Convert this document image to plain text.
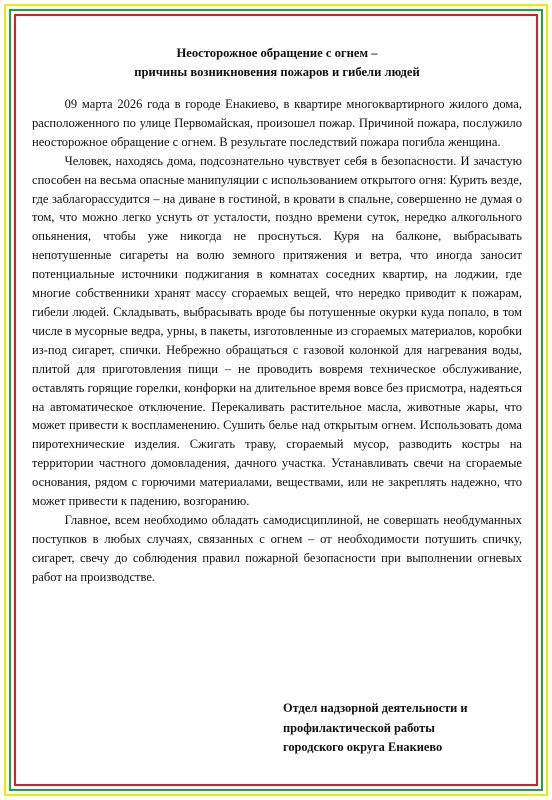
Неосторожное обращение с огнем –
причины возникновения пожаров и гибели людей

09 марта 2026 года в городе Енакиево, в квартире многоквартирного жилого дома, расположенного по улице Первомайская, произошел пожар. Причиной пожара, послужило неосторожное обращение с огнем. В результате последствий пожара погибла женщина.

Человек, находясь дома, подсознательно чувствует себя в безопасности. И зачастую способен на весьма опасные манипуляции с использованием открытого огня: Курить везде, где заблагорассудится – на диване в гостиной, в кровати в спальне, совершенно не думая о том, что можно легко уснуть от усталости, поздно времени суток, нередко алкогольного опьянения, чтобы уже никогда не проснуться. Куря на балконе, выбрасывать непотушенные сигареты на волю земного притяжения и ветра, что иногда заносит потенциальные источники поджигания в комнатах соседних квартир, на лоджии, где многие собственники хранят массу сгораемых вещей, что нередко приводит к пожарам, гибели людей. Складывать, выбрасывать вроде бы потушенные окурки куда попало, в том числе в мусорные ведра, урны, в пакеты, изготовленные из сгораемых материалов, коробки из-под сигарет, спички. Небрежно обращаться с газовой колонкой для нагревания воды, плитой для приготовления пищи – не проводить вовремя техническое обслуживание, оставлять горящие горелки, конфорки на длительное время вовсе без присмотра, надеяться на автоматическое отключение. Перекаливать растительное масла, животные жары, что может привести к воспламенению. Сушить белье над открытым огнем. Использовать дома пиротехнические изделия. Сжигать траву, сгораемый мусор, разводить костры на территории частного домовладения, дачного участка. Устанавливать свечи на сгораемые основания, рядом с горючими материалами, веществами, или не закреплять надежно, что может привести к падению, возгоранию.

Главное, всем необходимо обладать самодисциплиной, не совершать необдуманных поступков в любых случаях, связанных с огнем – от необходимости потушить спичку, сигарет, свечу до соблюдения правил пожарной безопасности при выполнении огневых работ на производстве.

Отдел надзорной деятельности и
профилактической работы
городского округа Енакиево
